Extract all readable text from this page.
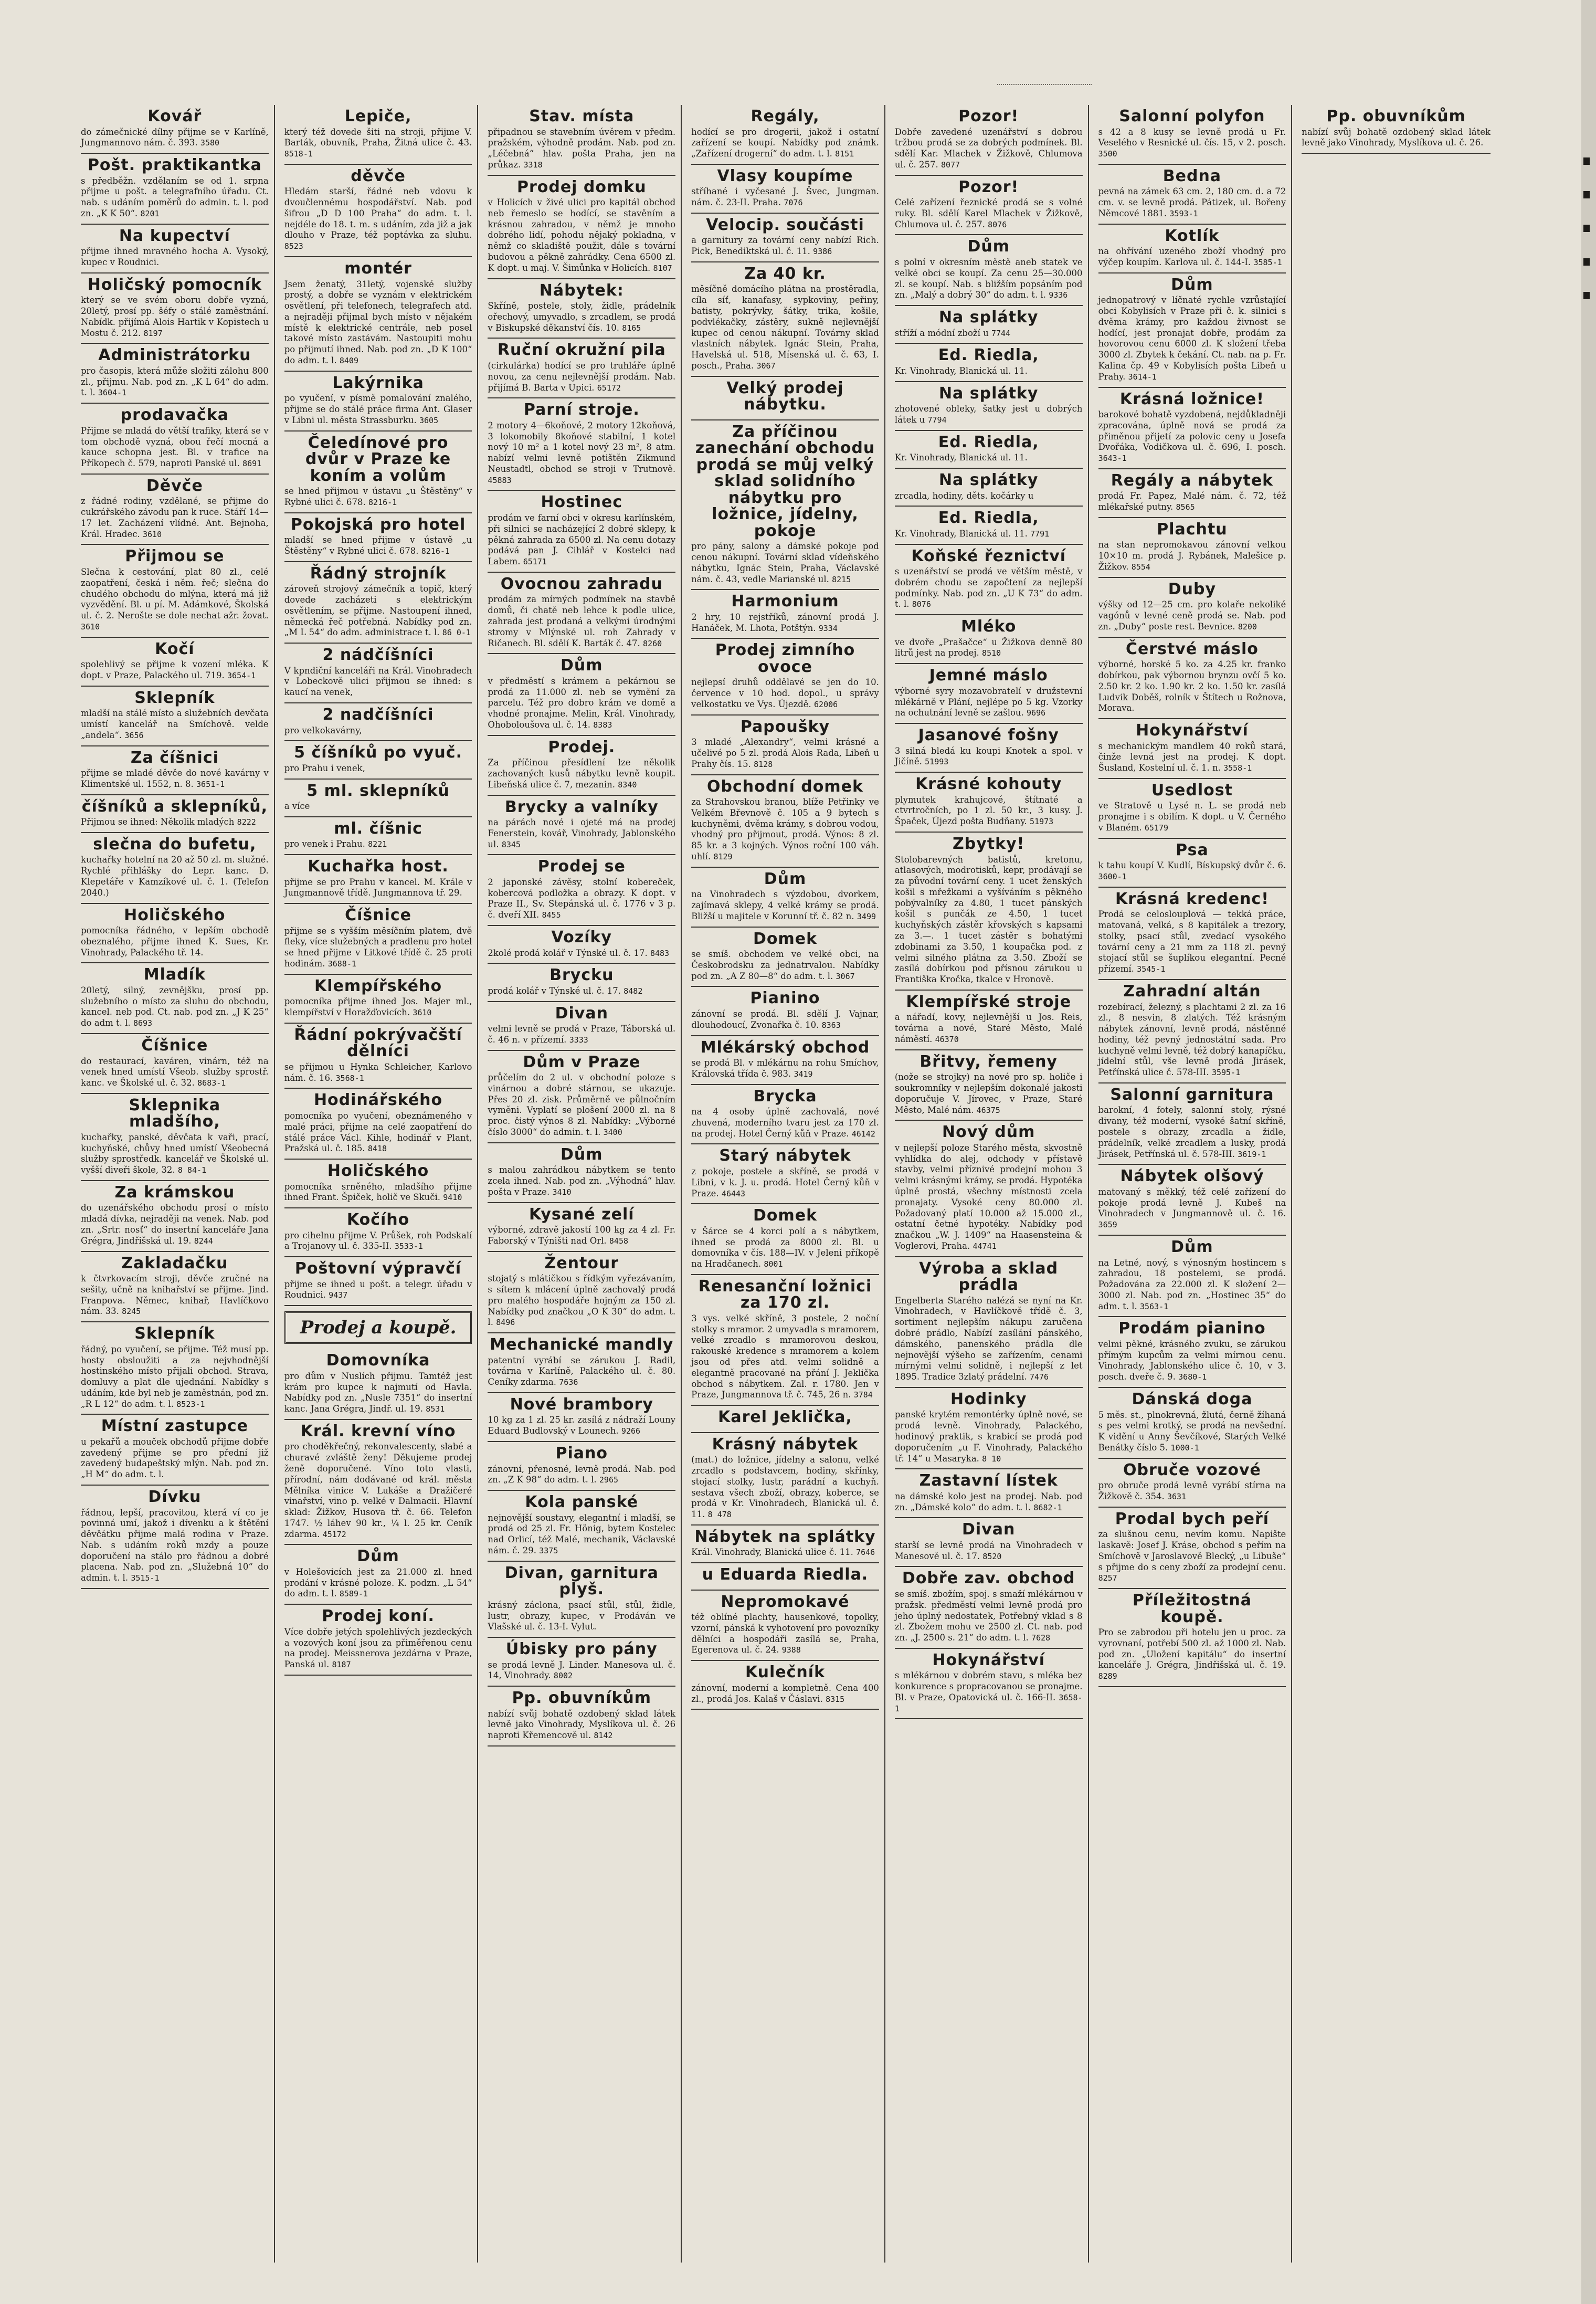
Kovář

do zámečnické dílny přijme se v Karlíně, Jungmannovo nám. č. 393. 3580

Pošt. praktikantka

s předběžn. vzdělaním se od 1. srpna přijme u pošt. a telegrafního úřadu. Ct. nab. s udáním poměrů do admin. t. l. pod zn. „K K 50“. 8201

Na kupectví

přijme ihned mravného hocha A. Vysoký, kupec v Roudnici.

Holičský pomocník

který se ve svém oboru dobře vyzná, 20letý, prosí pp. šéfy o stálé zaměstnání. Nabídk. přijímá Alois Hartik v Kopistech u Mostu č. 212. 8197

Administrátorku

pro časopis, která může složiti zálohu 800 zl., přijmu. Nab. pod zn. „K L 64“ do adm. t. l. 3604-1

prodavačka

Přijme se mladá do větší trafiky, která se v tom obchodě vyzná, obou řečí mocná a kauce schopna jest. Bl. v trafice na Příkopech č. 579, naproti Panské ul. 8691

Děvče

z řádné rodiny, vzdělané, se přijme do cukrářského závodu pan k ruce. Stáří 14—17 let. Zacházení vlídné. Ant. Bejnoha, Král. Hradec. 3610

Přijmou se

Slečna k cestování, plat 80 zl., celé zaopatření, česká i něm. řeč; slečna do chudého obchodu do mlýna, která má již vyzvědění. Bl. u pí. M. Adámkové, Školská ul. č. 2. Nerošte se dole nechat ažr. žovat. 3610

Kočí

spolehlivý se přijme k vození mléka. K dopt. v Praze, Palackého ul. 719. 3654-1

Sklepník

mladší na stálé místo a služebních devčata umístí kancelář na Smíchově. velde „andela“. 3656

Za číšnici

přijme se mladé děvče do nové kavárny v Klimentské ul. 1552, n. 8. 3651-1

číšníků a sklepníků,

Přijmou se ihned: Několik mladých 8222

slečna do bufetu,

kuchařky hotelní na 20 až 50 zl. m. služné. Rychlé přihlášky do Lepr. kanc. D. Klepetáře v Kamzíkové ul. č. 1. (Telefon 2040.)

Holičského

pomocníka řádného, v lepším obchodě obeznalého, přijme ihned K. Sues, Kr. Vinohrady, Palackého tř. 14.

Mladík

20letý, silný, zevnějšku, prosí pp. služebního o místo za sluhu do obchodu, kancel. neb pod. Ct. nab. pod zn. „J K 25“ do adm t. l. 8693

Číšnice

do restaurací, kaváren, vinárn, též na venek hned umístí Všeob. služby sprostř. kanc. ve Školské ul. č. 32. 8683-1

Sklepnika mladšího,

kuchařky, panské, děvčata k vaři, prací, kuchyňské, chůvy hned umístí Všeobecná služby sprostředk. kancelář ve Školské ul. vyšší diveři škole, 32. 8 84-1

Za krámskou

do uzenářského obchodu prosí o místo mladá dívka, nejraději na venek. Nab. pod zn. „Srtr. nosť“ do insertní kanceláře Jana Grégra, Jindřišská ul. 19. 8244

Zakladačku

k čtvrkovacím stroji, děvče zručné na sešity, učně na knihařství se přijme. Jind. Franpova. Němec, knihař, Havlíčkovo nám. 33. 8245

Sklepník

řádný, po vyučení, se přijme. Též musí pp. hosty obsloužiti a za nejvhodnější hostinského místo přijali obchod. Strava, domluvy a plat dle ujednání. Nabídky s udáním, kde byl neb je zaměstnán, pod zn. „R L 12“ do adm. t. l. 8523-1

Místní zastupce

u pekařů a mouček obchodů přijme dobře zavedený přijme se pro přední již zavedený budapeštský mlýn. Nab. pod zn. „H M“ do adm. t. l.

Dívku

řádnou, lepší, pracovitou, která ví co je povinná umí, jakož i dívenku a k štětění děvčátku přijme malá rodina v Praze. Nab. s udáním roků mzdy a pouze doporučení na stálo pro řádnou a dobré placena. Nab. pod zn. „Služebná 10“ do admin. t. l. 3515-1

Lepiče,

který též dovede šiti na stroji, přijme V. Barták, obuvník, Praha, Žitná ulice č. 43. 8518-1

děvče

Hledám starší, řádné neb vdovu k dvoučlennému hospodářství. Nab. pod šifrou „D D 100 Praha“ do adm. t. l. nejdéle do 18. t. m. s udáním, zda již a jak dlouho v Praze, též poptávka za sluhu. 8523

montér

Jsem ženatý, 31letý, vojenské služby prostý, a dobře se vyznám v elektrickém osvětlení, při telefonech, telegrafech atd. a nejraději přijmal bych místo v nějakém místě k elektrické centrále, neb posel takové místo zastávám. Nastoupiti mohu po přijmutí ihned. Nab. pod zn. „D K 100“ do adm. t. l. 8409

Lakýrnika

po vyučení, v písmě pomalování znalého, přijme se do stálé práce firma Ant. Glaser v Libni ul. města Strassburku. 3605

Čeledínové pro dvůr v Praze ke koním a volům

se hned přijmou v ústavu „u Štěstěny“ v Rybné ulici č. 678. 8216-1

Pokojská pro hotel

mladší se hned přijme v ústavě „u Štěstěny“ v Rybné ulici č. 678. 8216-1

Řádný strojník

zároveň strojový zámečník a topič, který dovede zacházeti s elektrickým osvětlením, se přijme. Nastoupení ihned, německá řeč potřebná. Nabídky pod zn. „M L 54“ do adm. administrace t. l. 86 0-1

2 nádčíšníci

V kpndiční kanceláři na Král. Vinohradech v Lobeckově ulici přijmou se ihned: s kaucí na venek,

2 nadčíšníci

pro velkokavárny,

5 číšníků po vyuč.

pro Prahu i venek,

5 ml. sklepníků

a více

ml. číšnic

pro venek i Prahu. 8221

Kuchařka host.

přijme se pro Prahu v kancel. M. Krále v Jungmannově třídě. Jungmannova tř. 29.

Číšnice

přijme se s vyšším měsíčním platem, dvě fleky, více služebných a pradlenu pro hotel se hned přijme v Litkové třídě č. 25 proti hodinám. 3688-1

Klempířského

pomocníka přijme ihned Jos. Majer ml., klempířství v Horažďovicích. 3610

Řádní pokrývačští dělníci

se přijmou u Hynka Schleicher, Karlovo nám. č. 16. 3568-1

Hodinářského

pomocníka po vyučení, obeznámeného v malé práci, přijme na celé zaopatření do stálé práce Václ. Kihle, hodinář v Plant, Pražská ul. č. 185. 8418

Holičského

pomocníka srněného, mladšího přijme ihned Frant. Špiček, holič ve Skuči. 9410

Kočího

pro cihelnu přijme V. Průšek, roh Podskalí a Trojanovy ul. č. 335-II. 3533-1

Poštovní výpravčí

přijme se ihned u pošt. a telegr. úřadu v Roudnici. 9437

Prodej a koupě.
Domovníka

pro dům v Nuslích přijmu. Tamtéž jest krám pro kupce k najmutí od Havla. Nabídky pod zn. „Nusle 7351“ do insertní kanc. Jana Grégra, Jindř. ul. 19. 8531

Král. krevní víno

pro choděkřečný, rekonvalescenty, slabé a churavé zvláště ženy! Děkujeme prodej ženě doporučené. Víno toto vlasti, přírodní, nám dodávané od král. města Mělníka vinice V. Lukáše a Dražičeré vinařství, vino p. velké v Dalmacii. Hlavní sklad: Žižkov, Husova tř. č. 66. Telefon 1747. ½ láhev 90 kr., ¼ l. 25 kr. Ceník zdarma. 45172

Dům

v Holešovicích jest za 21.000 zl. hned prodání v krásné poloze. K. podzn. „L 54“ do adm. t. l. 8589-1

Prodej koní.

Více dobře jetých spolehlivých jezdeckých a vozových koní jsou za přiměřenou cenu na prodej. Meissnerova jezdárna v Praze, Panská ul. 8187

Stav. místa

připadnou se stavebním úvěrem v předm. pražském, výhodně prodám. Nab. pod zn. „Léčebná“ hlav. pošta Praha, jen na průkaz. 3318

Prodej domku

v Holicích v živé ulici pro kapitál obchod neb řemeslo se hodící, se stavěním a krásnou zahradou, v němž je mnoho dobrého lidí, pohodu nějaký pokladna, v němž co skladiště použit, dále s tovární budovou a pěkně zahrádky. Cena 6500 zl. K dopt. u maj. V. Šimůnka v Holicích. 8107

Nábytek:

Skříně, postele, stoly, židle, prádelník ořechový, umyvadlo, s zrcadlem, se prodá v Biskupské děkanství čís. 10. 8165

Ruční okružní pila

(cirkulárka) hodící se pro truhláře úplně novou, za cenu nejlevnější prodám. Nab. přijímá B. Barta v Upici. 65172

Parní stroje.

2 motory 4—6koňové, 2 motory 12koňová, 3 lokomobily 8koňové stabilní, 1 kotel nový 10 m² a 1 kotel nový 23 m², 8 atm. nabízí velmi levně potištěn Zikmund Neustadtl, obchod se stroji v Trutnově. 45883

Hostinec

prodám ve farní obci v okresu karlínském, při silnici se nacházející 2 dobré sklepy, k pěkná zahrada za 6500 zl. Na cenu dotazy podává pan J. Cihlář v Kostelci nad Labem. 65171

Ovocnou zahradu

prodám za mírných podmínek na stavbě domů, či chatě neb lehce k podle ulice, zahrada jest prodaná a velkými úrodnými stromy v Mlýnské ul. roh Zahrady v Ričanech. Bl. sdělí K. Barták č. 47. 8260

Dům

v předměstí s krámem a pekárnou se prodá za 11.000 zl. neb se vymění za parcelu. Též pro dobro krám ve domě a vhodné pronajme. Melin, Král. Vinohrady, Ohoboloušova ul. č. 14. 8383

Prodej.

Za příčinou přesídlení lze několik zachovaných kusů nábytku levně koupit. Libeňská ulice č. 7, mezanin. 8340

Brycky a valníky

na párách nové i ojeté má na prodej Fenerstein, kovář, Vinohrady, Jablonského ul. 8345

Prodej se

2 japonské závěsy, stolní kobereček, kobercová podložka a obrazy. K dopt. v Praze II., Sv. Stepánská ul. č. 1776 v 3 p. č. dveří XII. 8455

Vozíky

2kolé prodá kolář v Týnské ul. č. 17. 8483

Brycku

prodá kolář v Týnské ul. č. 17. 8482

Divan

velmi levně se prodá v Praze, Táborská ul. č. 46 n. v přízemí. 3333

Dům v Praze

průčelím do 2 ul. v obchodní poloze s vinárnou a dobré stárnou, se ukazuje. Přes 20 zl. zisk. Průměrně ve půlnočním vyměni. Vyplatí se plošení 2000 zl. na 8 proc. čistý výnos 8 zl. Nabídky: „Výborné číslo 3000“ do admin. t. l. 3400

Dům

s malou zahrádkou nábytkem se tento zcela ihned. Nab. pod zn. „Výhodná“ hlav. pošta v Praze. 3410

Kysané zelí

výborné, zdravě jakostí 100 kg za 4 zl. Fr. Faborský v Týništi nad Orl. 8458

Žentour

stojatý s mlátičkou s řídkým vyřezávaním, s sítem k mlácení úplně zachovalý prodá pro malého hospodáře hojným za 150 zl. Nabídky pod značkou „O K 30“ do adm. t. l. 8496

Mechanické mandly

patentní vyrábí se zárukou J. Radil, továrna v Karlíně, Palackého ul. č. 80. Ceníky zdarma. 7636

Nové brambory

10 kg za 1 zl. 25 kr. zasílá z nádraží Louny Eduard Budlovský v Lounech. 9266

Piano

zánovní, přenosné, levně prodá. Nab. pod zn. „Z K 98“ do adm. t. l. 2965

Kola panské

nejnovější soustavy, elegantní i mladší, se prodá od 25 zl. Fr. Hönig, bytem Kostelec nad Orlicí, též Malé, mechanik, Václavské nám. č. 29. 3375

Divan, garnitura plyš.

krásný záclona, psací stůl, stůl, židle, lustr, obrazy, kupec, v Prodáván ve Vlašské ul. č. 13-I. Vylut.

Úbisky pro pány

se prodá levně J. Linder. Manesova ul. č. 14, Vinohrady. 8002

Pp. obuvníkům

nabízí svůj bohatě ozdobený sklad látek levně jako Vinohrady, Myslíkova ul. č. 26 naproti Křemencově ul. 8142

Regály,

hodící se pro drogerii, jakož i ostatní zařízení se koupí. Nabídky pod známk. „Zařízení drogerní“ do adm. t. l. 8151

Vlasy koupíme

stříhané i vyčesané J. Švec, Jungman. nám. č. 23-II. Praha. 7076

Velocip. součásti

a garnitury za tovární ceny nabízí Rich. Pick, Benediktská ul. č. 11. 9386

Za 40 kr.

měsíčně domácího plátna na prostěradla, cíla síť, kanafasy, sypkoviny, peřiny, batisty, pokrývky, šátky, trika, košile, podvlékačky, zástěry, sukně nejlevnější kupec od cenou nákupní. Továrny sklad vlastních nábytek. Ignác Stein, Praha, Havelská ul. 518, Mísenská ul. č. 63, I. posch., Praha. 3067

Velký prodej nábytku.

Za příčinou zanechání obchodu prodá se můj velký sklad solidního nábytku pro ložnice, jídelny, pokoje

pro pány, salony a dámské pokoje pod cenou nákupní. Tovární sklad vídeňského nábytku, Ignác Stein, Praha, Václavské nám. č. 43, vedle Marianské ul. 8215

Harmonium

2 hry, 10 rejstříků, zánovní prodá J. Hanáček, M. Lhota, Potštýn. 9334

Prodej zimního ovoce

nejlepsí druhů oddělavé se jen do 10. července v 10 hod. dopol., u správy velkostatku ve Vys. Újezdě. 62006

Papoušky

3 mladé „Alexandry“, velmi krásné a učelivé po 5 zl. prodá Alois Rada, Libeň u Prahy čís. 15. 8128

Obchodní domek

za Strahovskou branou, blíže Petřinky ve Velkém Břevnově č. 105 a 9 bytech s kuchyněmi, dvěma krámy, s dobrou vodou, vhodný pro přijmout, prodá. Výnos: 8 zl. 85 kr. a 3 kojných. Výnos roční 100 váh. uhlí. 8129

Dům

na Vinohradech s výzdobou, dvorkem, zajímavá sklepy, 4 velké krámy se prodá. Bližší u majitele v Korunní tř. č. 82 n. 3499

Domek

se smíš. obchodem ve velké obci, na Českobrodsku za jednatrvalou. Nabídky pod zn. „A Z 80—8“ do adm. t. l. 3067

Pianino

zánovní se prodá. Bl. sdělí J. Vajnar, dlouhodoucí, Zvonařka č. 10. 8363

Mlékárský obchod

se prodá Bl. v mlékárnu na rohu Smíchov, Královská třída č. 983. 3419

Brycka

na 4 osoby úplně zachovalá, nové zhuvená, moderního tvaru jest za 170 zl. na prodej. Hotel Černý kůň v Praze. 46142

Starý nábytek

z pokoje, postele a skříně, se prodá v Libni, v k. J. u. prodá. Hotel Černý kůň v Praze. 46443

Domek

v Šárce se 4 korci polí a s nábytkem, ihned se prodá za 8000 zl. Bl. u domovníka v čís. 188—IV. v Jeleni příkopě na Hradčanech. 8001

Renesanční ložnici za 170 zl.

3 vys. velké skříně, 3 postele, 2 noční stolky s mramor. 2 umyvadla s mramorem, velké zrcadlo s mramorovou deskou, rakouské kredence s mramorem a kolem jsou od přes atd. velmi solidně a elegantně pracované na přání J. Jeklička obchod s nábytkem. Zal. r. 1780. Jen v Praze, Jungmannova tř. č. 745, 26 n. 3784

Karel Jeklička,

Krásný nábytek

(mat.) do ložnice, jídelny a salonu, velké zrcadlo s podstavcem, hodiny, skřínky, stojací stolky, lustr, parádní a kuchyň. sestava všech zboží, obrazy, koberce, se prodá v Kr. Vinohradech, Blanická ul. č. 11. 8 478

Nábytek na splátky

Král. Vinohrady, Blanická ulice č. 11. 7646

u Eduarda Riedla.

Nepromokavé

též oblíné plachty, hausenkové, topolky, vzorní, pánská k vyhotovení pro povozníky dělníci a hospodáři zasílá se, Praha, Egerenova ul. č. 24. 9388

Kulečník

zánovní, moderní a kompletně. Cena 400 zl., prodá Jos. Kalaš v Čáslavi. 8315

Pozor!

Dobře zavedené uzenářství s dobrou tržbou prodá se za dobrých podmínek. Bl. sdělí Kar. Mlachek v Žižkově, Chlumova ul. č. 257. 8077

Pozor!

Celé zařízení řeznické prodá se s volné ruky. Bl. sdělí Karel Mlachek v Žižkově, Chlumova ul. č. 257. 8076

Dům

s polní v okresním městě aneb statek ve velké obci se koupí. Za cenu 25—30.000 zl. se koupí. Nab. s bližším popsáním pod zn. „Malý a dobrý 30“ do adm. t. l. 9336

Na splátky

stříží a módní zboží u 7744

Ed. Riedla,

Kr. Vinohrady, Blanická ul. 11.

Na splátky

zhotovené obleky, šatky jest u dobrých látek u 7794

Ed. Riedla,

Kr. Vinohrady, Blanická ul. 11.

Na splátky

zrcadla, hodiny, děts. kočárky u

Ed. Riedla,

Kr. Vinohrady, Blanická ul. 11. 7791

Koňské řeznictví

s uzenářství se prodá ve větším městě, v dobrém chodu se započtení za nejlepší podmínky. Nab. pod zn. „U K 73“ do adm. t. l. 8076

Mléko

ve dvoře „Prašačce“ u Žižkova denně 80 litrů jest na prodej. 8510

Jemné máslo

výborné syry mozavobratelí v družstevní mlékárně v Plání, nejlépe po 5 kg. Vzorky na ochutnání levně se zašlou. 9696

Jasanové fošny

3 silná bledá ku koupi Knotek a spol. v Jičíně. 51993

Krásné kohouty

plymutek krahujcové, štítnaté a ctvrtročních, po 1 zl. 50 kr., 3 kusy. J. Špaček, Újezd pošta Budňany. 51973

Zbytky!

Stolobarevných batistů, kretonu, atlasových, modrotisků, kepr, prodávají se za původní tovární ceny. 1 ucet ženských košil s mřežkami a vyšíváním s pěkného pobývalníky za 4.80, 1 tucet pánských košil s punčák ze 4.50, 1 tucet kuchyňských zástěr křovských s kapsami za 3.—. 1 tucet zástěr s bohatými zdobinami za 3.50, 1 koupačka pod. z velmi silného plátna za 3.50. Zboží se zasílá dobírkou pod přísnou zárukou u Františka Kročka, tkalce v Hronově.

Klempířské stroje

a nářadí, kovy, nejlevnější u Jos. Reis, továrna a nové, Staré Město, Malé náměstí. 46370

Břitvy, řemeny

(nože se strojky) na nové pro sp. holiče i soukromníky v nejlepším dokonalé jakosti doporučuje V. Jírovec, v Praze, Staré Město, Malé nám. 46375

Nový dům

v nejlepší poloze Starého města, skvostně vyhlídka do alej, odchody v přístavě stavby, velmi příznivé prodejní mohou 3 velmi krásnými krámy, se prodá. Hypotéka úplně prostá, všechny místnosti zcela pronajaty. Vysoké ceny 80.000 zl. Požadovaný platí 10.000 až 15.000 zl., ostatní četné hypotéky. Nabídky pod značkou „W. J. 1409“ na Haasensteina & Voglerovi, Praha. 44741

Výroba a sklad prádla

Engelberta Starého nalézá se nyní na Kr. Vinohradech, v Havlíčkově třídě č. 3, sortiment nejlepším nákupu zaručena dobré prádlo, Nabízí zasílání pánského, dámského, panenského prádla dle nejnovější výšeho se zařízením, cenami mírnými velmi solidně, i nejlepší z let 1895. Tradice 3zlatý prádelní. 7476

Hodinky

panské krytém remontérky úplně nové, se prodá levně. Vinohrady, Palackého, hodinový praktik, s krabicí se prodá pod doporučením „u F. Vinohrady, Palackého tř. 14“ u Masaryka. 8 10

Zastavní lístek

na dámské kolo jest na prodej. Nab. pod zn. „Dámské kolo“ do adm. t. l. 8682-1

Divan

starší se levně prodá na Vinohradech v Manesově ul. č. 17. 8520

Dobře zav. obchod

se smíš. zbožím, spoj. s smaží mlékárnou v pražsk. předměstí velmi levně prodá pro jeho úplný nedostatek, Potřebný vklad s 8 zl. Zbožem mohu ve 2500 zl. Ct. nab. pod zn. „J. 2500 s. 21“ do adm. t. l. 7628

Hokynářství

s mlékárnou v dobrém stavu, s mléka bez konkurence s propracovanou se pronajme. Bl. v Praze, Opatovická ul. č. 166-II. 3658-1

Salonní polyfon

s 42 a 8 kusy se levně prodá u Fr. Veselého v Resnické ul. čís. 15, v 2. posch. 3500

Bedna

pevná na zámek 63 cm. 2, 180 cm. d. a 72 cm. v. se levně prodá. Pátizek, ul. Bořeny Němcové 1881. 3593-1

Kotlík

na ohřívání uzeného zboží vhodný pro výčep koupím. Karlova ul. č. 144-I. 3585-1

Dům

jednopatrový v líčnaté rychle vzrůstající obci Kobylisích v Praze při č. k. silnici s dvěma krámy, pro každou živnost se hodící, jest pronajat dobře, prodám za hovorovou cenu 6000 zl. K složení třeba 3000 zl. Zbytek k čekání. Ct. nab. na p. Fr. Kalina čp. 49 v Kobylisích pošta Libeň u Prahy. 3614-1

Krásná ložnice!

barokové bohatě vyzdobená, nejdůkladněji zpracována, úplně nová se prodá za přiměnou přijetí za polovic ceny u Josefa Dvořáka, Vodičkova ul. č. 696, I. posch. 3643-1

Regály a nábytek

prodá Fr. Papez, Malé nám. č. 72, též mlékařské putny. 8565

Plachtu

na stan nepromokavou zánovní velkou 10×10 m. prodá J. Rybánek, Malešice p. Žižkov. 8554

Duby

výšky od 12—25 cm. pro kolaře nekoliké vagónů v levné ceně prodá se. Nab. pod zn. „Duby“ poste rest. Bevnice. 8200

Čerstvé máslo

výborné, horské 5 ko. za 4.25 kr. franko dobírkou, pak výbornou brynzu ovčí 5 ko. 2.50 kr. 2 ko. 1.90 kr. 2 ko. 1.50 kr. zasílá Ludvik Doběš, rolník v Štítech u Rožnova, Morava.

Hokynářství

s mechanickým mandlem 40 roků stará, činže levná jest na prodej. K dopt. Šusland, Kostelní ul. č. 1. n. 3558-1

Usedlost

ve Stratově u Lysé n. L. se prodá neb pronajme i s obilím. K dopt. u V. Černého v Blaném. 65179

Psa

k tahu koupí V. Kudlí, Bískupský dvůr č. 6. 3600-1

Krásná kredenc!

Prodá se celoslouplová — tekká práce, matovaná, velká, s 8 kapitálek a trezory, stolky, psací stůl, zvedací vysokého tovární ceny a 21 mm za 118 zl. pevný stojací stůl se šuplíkou elegantní. Pecné přízemí. 3545-1

Zahradní altán

rozebírací, železný, s plachtami 2 zl. za 16 zl., 8 nesvin, 8 zlatých. Též krásným nábytek zánovní, levně prodá, nástěnné hodiny, též pevný jednostátní sada. Pro kuchyně velmi levně, též dobrý kanapíčku, jídelní stůl, vše levně prodá Jirásek, Petřínská ulice č. 578-III. 3595-1

Salonní garnitura

barokní, 4 fotely, salonní stoly, rýsné divany, též moderní, vysoké šatní skříně, postele s obrazy, zrcadla a židle, prádelník, velké zrcadlem a lusky, prodá Jirásek, Petřínská ul. č. 578-III. 3619-1

Nábytek olšový

matovaný s měkký, též celé zařízení do pokoje prodá levně J. Kubeš na Vinohradech v Jungmannově ul. č. 16. 3659

Dům

na Letné, nový, s výnosným hostincem s zahradou, 18 postelemi, se prodá. Požadována za 22.000 zl. K složení 2—3000 zl. Nab. pod zn. „Hostinec 35“ do adm. t. l. 3563-1

Prodám pianino

velmi pěkné, krásného zvuku, se zárukou přímým kupcům za velmi mírnou cenu. Vinohrady, Jablonského ulice č. 10, v 3. posch. dveře č. 9. 3680-1

Dánská doga

5 měs. st., plnokrevná, žlutá, černě žíhaná s pes velmi krotký, se prodá na nevšední. K vidění u Anny Ševčíkové, Starých Velké Benátky číslo 5. 1000-1

Obruče vozové

pro obruče prodá levně vyrábí stírna na Žižkově č. 354. 3631

Prodal bych peří

za slušnou cenu, nevím komu. Napište laskavě: Josef J. Kráse, obchod s peřím na Smíchově v Jaroslavově Blecký, „u Libuše“ s přijme do s ceny zboží za prodejní cenu. 8257

Příležitostná koupě.

Pro se zabrodou při hotelu jen u proc. za vyrovnaní, potřebí 500 zl. až 1000 zl. Nab. pod zn. „Uložení kapitálu“ do insertní kanceláře J. Grégra, Jindřišská ul. č. 19. 8289

Pp. obuvníkům

nabízí svůj bohatě ozdobený sklad látek levně jako Vinohrady, Myslíkova ul. č. 26.
